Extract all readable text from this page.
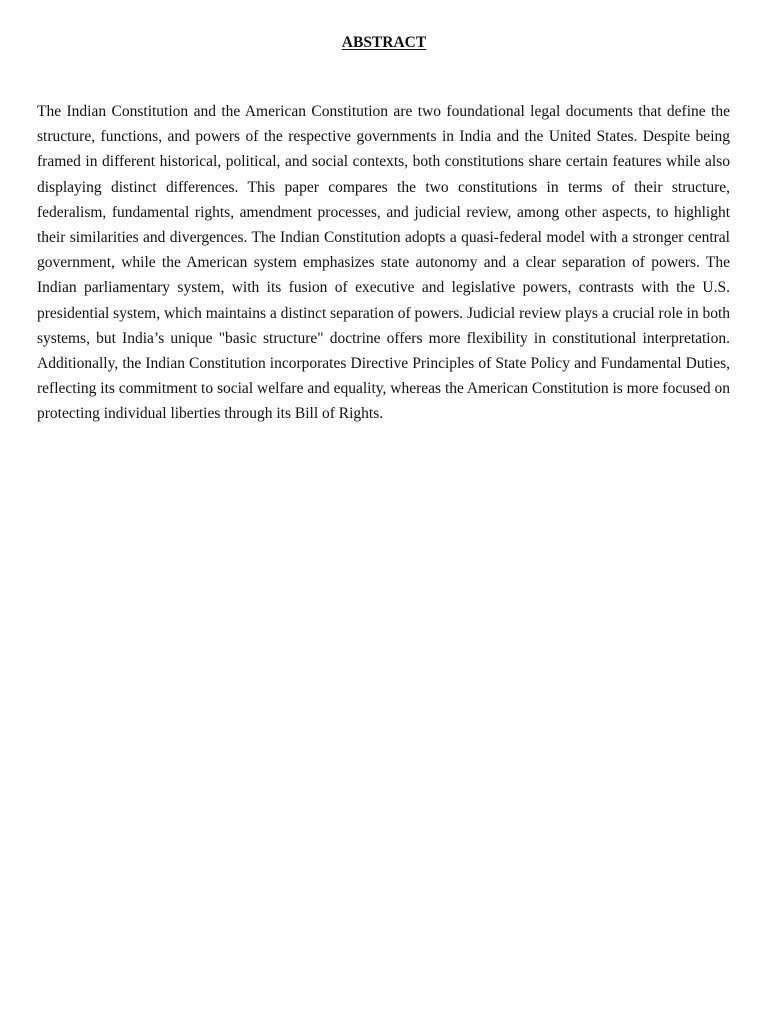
ABSTRACT

The Indian Constitution and the American Constitution are two foundational legal documents that define the structure, functions, and powers of the respective governments in India and the United States. Despite being framed in different historical, political, and social contexts, both constitutions share certain features while also displaying distinct differences. This paper compares the two constitutions in terms of their structure, federalism, fundamental rights, amendment processes, and judicial review, among other aspects, to highlight their similarities and divergences. The Indian Constitution adopts a quasi-federal model with a stronger central government, while the American system emphasizes state autonomy and a clear separation of powers. The Indian parliamentary system, with its fusion of executive and legislative powers, contrasts with the U.S. presidential system, which maintains a distinct separation of powers. Judicial review plays a crucial role in both systems, but India’s unique "basic structure" doctrine offers more flexibility in constitutional interpretation. Additionally, the Indian Constitution incorporates Directive Principles of State Policy and Fundamental Duties, reflecting its commitment to social welfare and equality, whereas the American Constitution is more focused on protecting individual liberties through its Bill of Rights.
